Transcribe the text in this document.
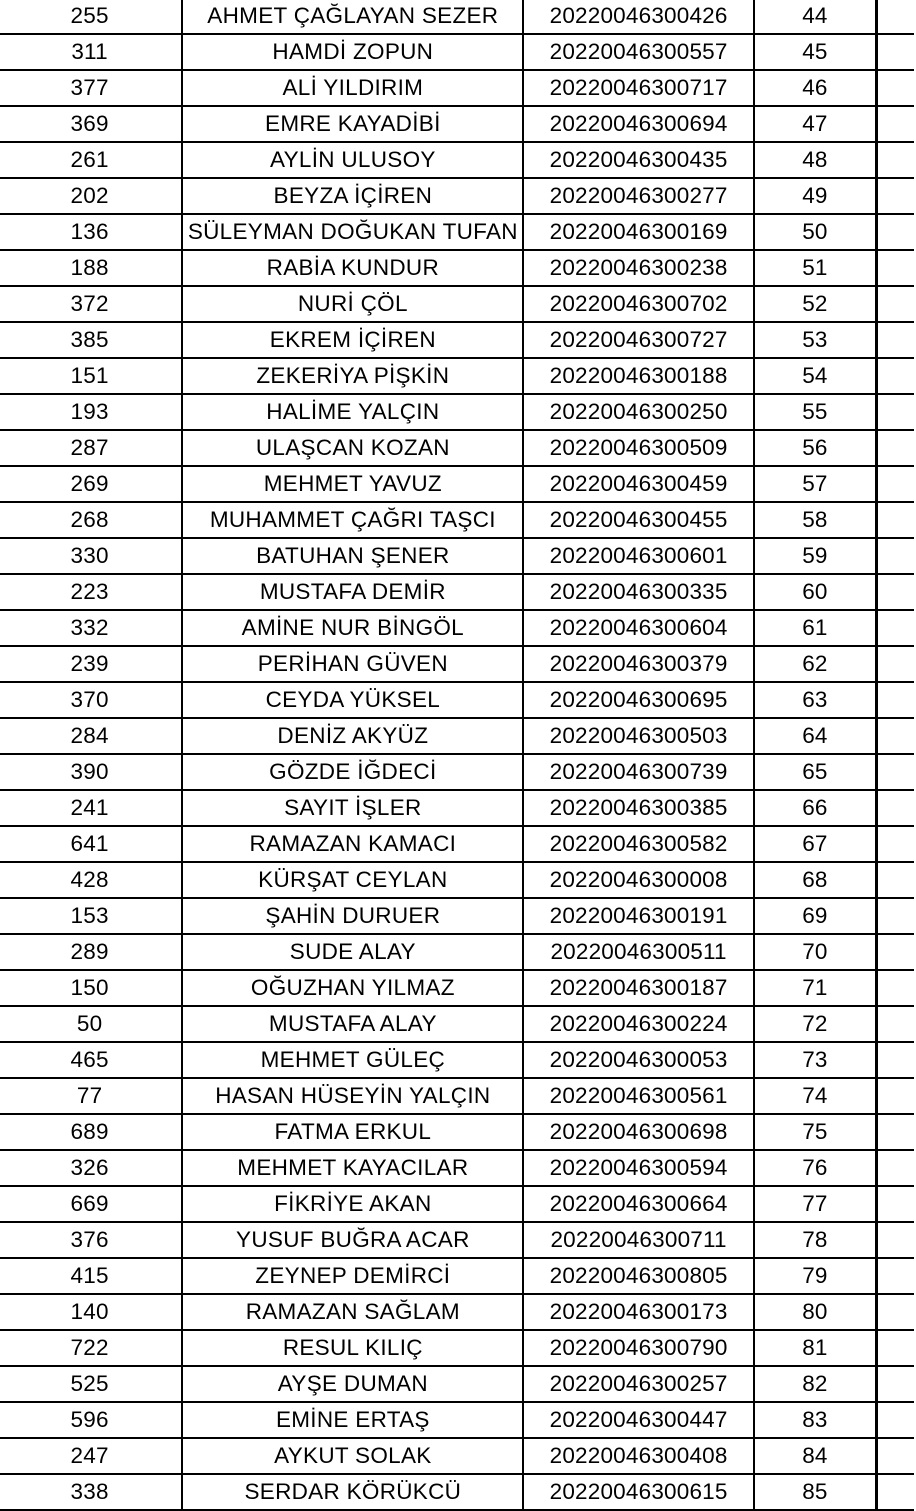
255	AHMET ÇAĞLAYAN SEZER	20220046300426	44	
311	HAMDİ ZOPUN	20220046300557	45	
377	ALİ YILDIRIM	20220046300717	46	
369	EMRE KAYADİBİ	20220046300694	47	
261	AYLİN ULUSOY	20220046300435	48	
202	BEYZA İÇİREN	20220046300277	49	
136	SÜLEYMAN DOĞUKAN TUFAN	20220046300169	50	
188	RABİA KUNDUR	20220046300238	51	
372	NURİ ÇÖL	20220046300702	52	
385	EKREM İÇİREN	20220046300727	53	
151	ZEKERİYA PİŞKİN	20220046300188	54	
193	HALİME YALÇIN	20220046300250	55	
287	ULAŞCAN KOZAN	20220046300509	56	
269	MEHMET YAVUZ	20220046300459	57	
268	MUHAMMET ÇAĞRI TAŞCI	20220046300455	58	
330	BATUHAN ŞENER	20220046300601	59	
223	MUSTAFA DEMİR	20220046300335	60	
332	AMİNE NUR BİNGÖL	20220046300604	61	
239	PERİHAN GÜVEN	20220046300379	62	
370	CEYDA YÜKSEL	20220046300695	63	
284	DENİZ AKYÜZ	20220046300503	64	
390	GÖZDE İĞDECİ	20220046300739	65	
241	SAYIT İŞLER	20220046300385	66	
641	RAMAZAN KAMACI	20220046300582	67	
428	KÜRŞAT CEYLAN	20220046300008	68	
153	ŞAHİN DURUER	20220046300191	69	
289	SUDE ALAY	20220046300511	70	
150	OĞUZHAN YILMAZ	20220046300187	71	
50	MUSTAFA ALAY	20220046300224	72	
465	MEHMET GÜLEÇ	20220046300053	73	
77	HASAN HÜSEYİN YALÇIN	20220046300561	74	
689	FATMA ERKUL	20220046300698	75	
326	MEHMET KAYACILAR	20220046300594	76	
669	FİKRİYE AKAN	20220046300664	77	
376	YUSUF BUĞRA ACAR	20220046300711	78	
415	ZEYNEP DEMİRCİ	20220046300805	79	
140	RAMAZAN SAĞLAM	20220046300173	80	
722	RESUL KILIÇ	20220046300790	81	
525	AYŞE DUMAN	20220046300257	82	
596	EMİNE ERTAŞ	20220046300447	83	
247	AYKUT SOLAK	20220046300408	84	
338	SERDAR KÖRÜKCÜ	20220046300615	85	
